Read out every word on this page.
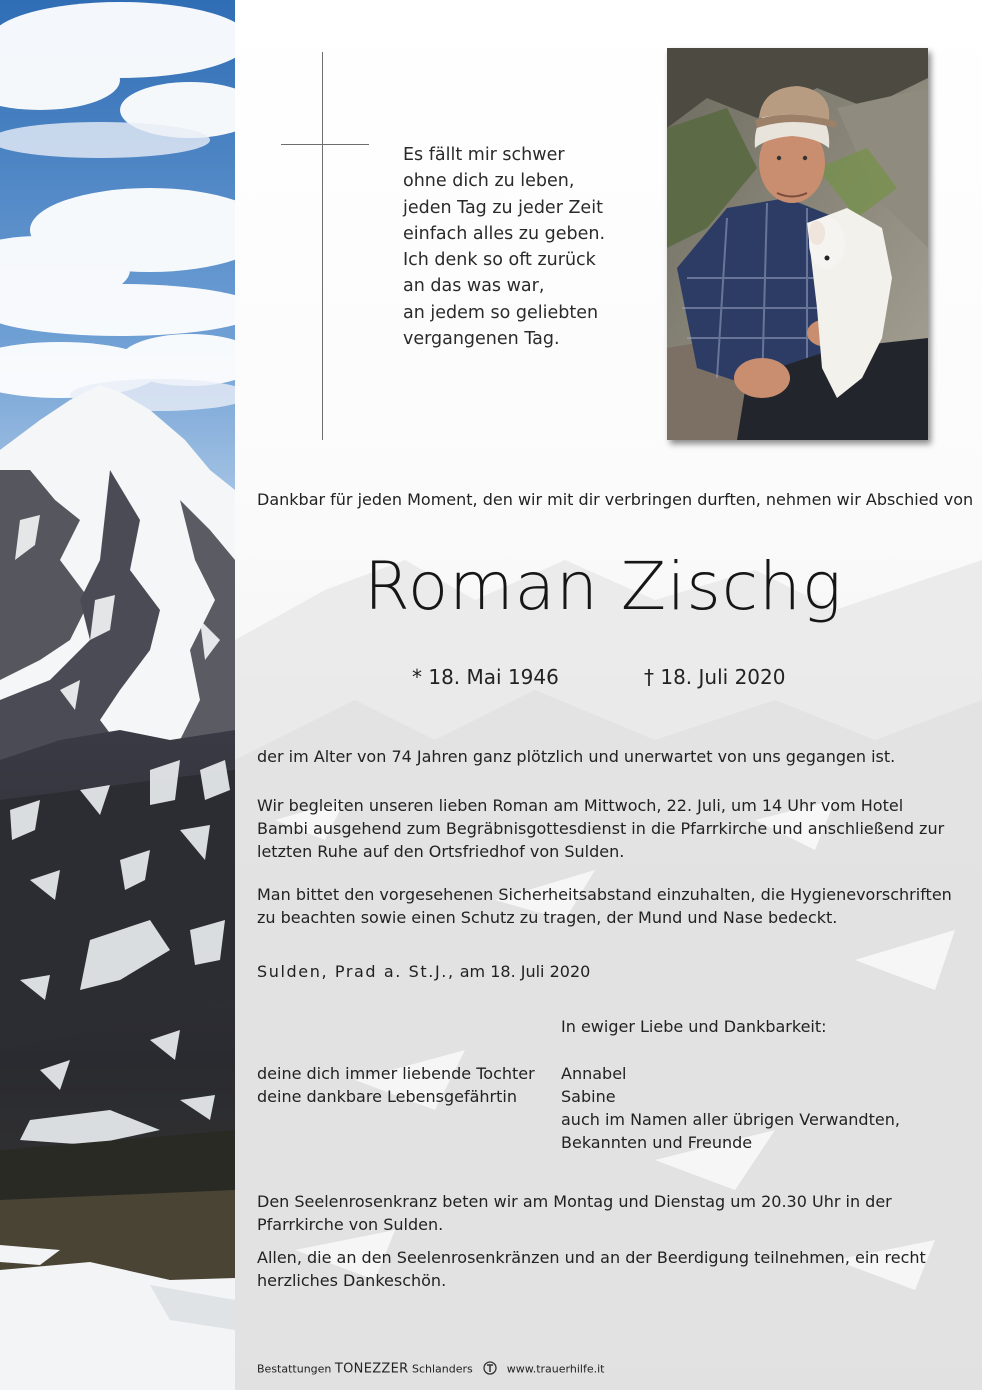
Es fällt mir schwer
ohne dich zu leben,
jeden Tag zu jeder Zeit
einfach alles zu geben.
Ich denk so oft zurück
an das was war,
an jedem so geliebten
vergangenen Tag.
Dankbar für jeden Moment, den wir mit dir verbringen durften, nehmen wir Abschied von
Roman Zischg
* 18. Mai 1946	† 18. Juli 2020
der im Alter von 74 Jahren ganz plötzlich und unerwartet von uns gegangen ist.
Wir begleiten unseren lieben Roman am Mittwoch, 22. Juli, um 14 Uhr vom Hotel Bambi ausgehend zum Begräbnisgottesdienst in die Pfarrkirche und anschließend zur letzten Ruhe auf den Ortsfriedhof von Sulden.
Man bittet den vorgesehenen Sicherheitsabstand einzuhalten, die Hygienevorschriften zu beachten sowie einen Schutz zu tragen, der Mund und Nase bedeckt.
Sulden, Prad a. St.J., am 18. Juli 2020
In ewiger Liebe und Dankbarkeit:
deine dich immer liebende Tochter
deine dankbare Lebensgefährtin
Annabel
Sabine
auch im Namen aller übrigen Verwandten,
Bekannten und Freunde
Den Seelenrosenkranz beten wir am Montag und Dienstag um 20.30 Uhr in der Pfarrkirche von Sulden.
Allen, die an den Seelenrosenkränzen und an der Beerdigung teilnehmen, ein recht herzliches Dankeschön.
Bestattungen TONEZZER Schlanders	www.trauerhilfe.it
